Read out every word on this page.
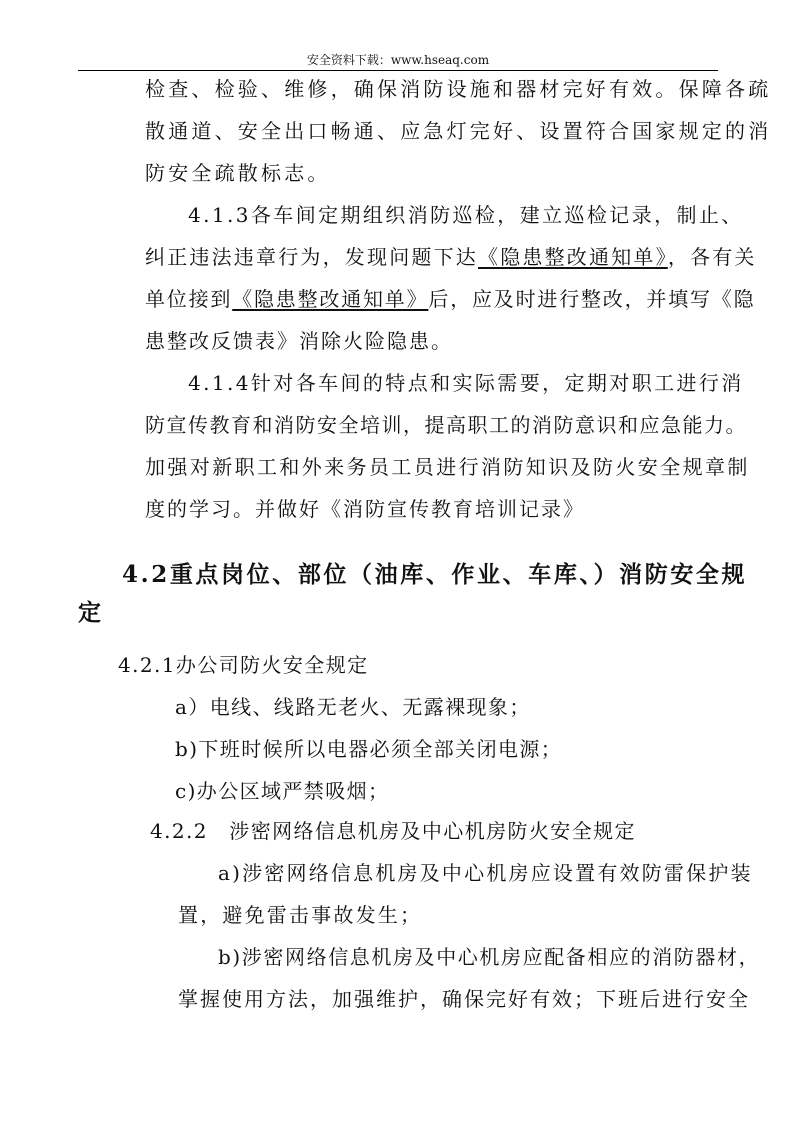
安全资料下载：www.hseaq.com
检查、检验、维修，确保消防设施和器材完好有效。保障各疏
散通道、安全出口畅通、应急灯完好、设置符合国家规定的消
防安全疏散标志。
4.1.3各车间定期组织消防巡检，建立巡检记录，制止、
纠正违法违章行为，发现问题下达《隐患整改通知单》，各有关
单位接到《隐患整改通知单》后，应及时进行整改，并填写《隐
患整改反馈表》消除火险隐患。
4.1.4针对各车间的特点和实际需要，定期对职工进行消
防宣传教育和消防安全培训，提高职工的消防意识和应急能力。
加强对新职工和外来务员工员进行消防知识及防火安全规章制
度的学习。并做好《消防宣传教育培训记录》
4.2重点岗位、部位（油库、作业、车库、）消防安全规
定
4.2.1办公司防火安全规定
a）电线、线路无老火、无露裸现象；
b)下班时候所以电器必须全部关闭电源；
c)办公区域严禁吸烟；
4.2.2　涉密网络信息机房及中心机房防火安全规定
a)涉密网络信息机房及中心机房应设置有效防雷保护装
置，避免雷击事故发生；
b)涉密网络信息机房及中心机房应配备相应的消防器材，
掌握使用方法，加强维护，确保完好有效；下班后进行安全
